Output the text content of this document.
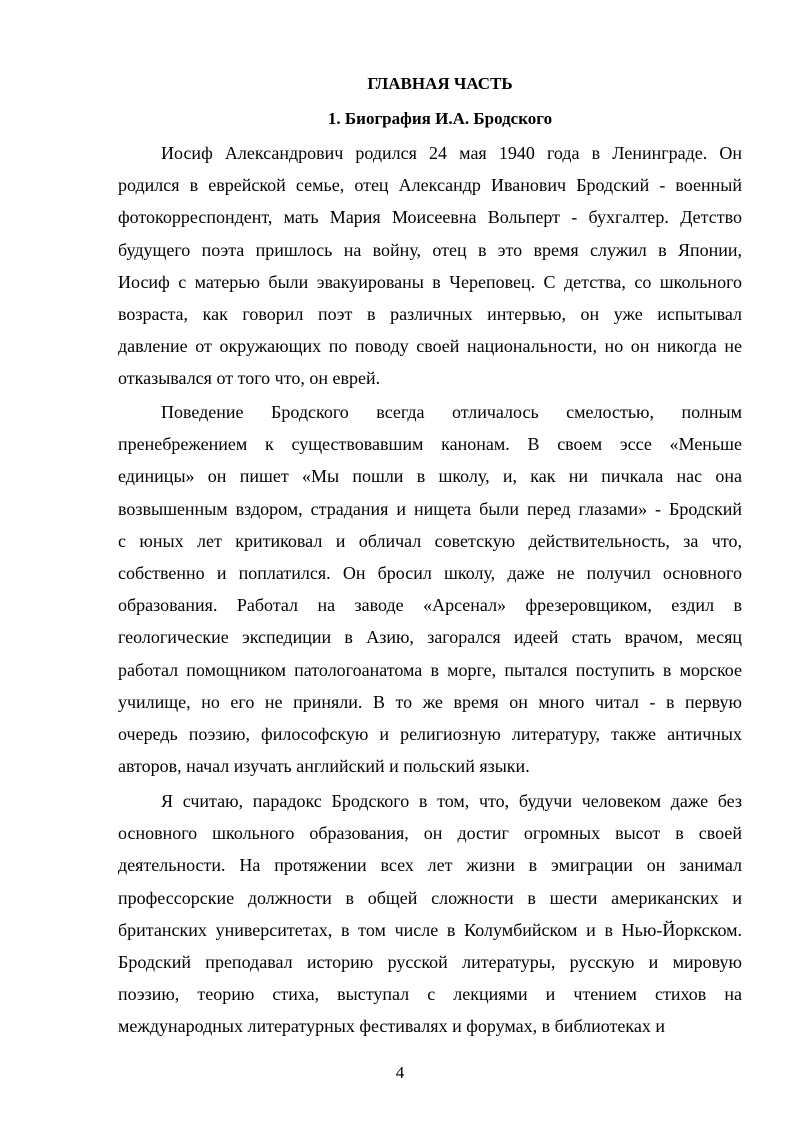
ГЛАВНАЯ ЧАСТЬ
1. Биография И.А. Бродского
Иосиф Александрович родился 24 мая 1940 года в Ленинграде. Он
родился в еврейской семье, отец Александр Иванович Бродский - военный
фотокорреспондент, мать Мария Моисеевна Вольперт - бухгалтер. Детство
будущего поэта пришлось на войну, отец в это время служил в Японии,
Иосиф с матерью были эвакуированы в Череповец. С детства, со школьного
возраста, как говорил поэт в различных интервью, он уже испытывал
давление от окружающих по поводу своей национальности, но он никогда не
отказывался от того что, он еврей.
Поведение Бродского всегда отличалось смелостью, полным
пренебрежением к существовавшим канонам. В своем эссе «Меньше
единицы» он пишет «Мы пошли в школу, и, как ни пичкала нас она
возвышенным вздором, страдания и нищета были перед глазами» - Бродский
с юных лет критиковал и обличал советскую действительность, за что,
собственно и поплатился. Он бросил школу, даже не получил основного
образования. Работал на заводе «Арсенал» фрезеровщиком, ездил в
геологические экспедиции в Азию, загорался идеей стать врачом, месяц
работал помощником патологоанатома в морге, пытался поступить в морское
училище, но его не приняли. В то же время он много читал - в первую
очередь поэзию, философскую и религиозную литературу, также античных
авторов, начал изучать английский и польский языки.
Я считаю, парадокс Бродского в том, что, будучи человеком даже без
основного школьного образования, он достиг огромных высот в своей
деятельности. На протяжении всех лет жизни в эмиграции он занимал
профессорские должности в общей сложности в шести американских и
британских университетах, в том числе в Колумбийском и в Нью-Йоркском.
Бродский преподавал историю русской литературы, русскую и мировую
поэзию, теорию стиха, выступал с лекциями и чтением стихов на
международных литературных фестивалях и форумах, в библиотеках и
4
